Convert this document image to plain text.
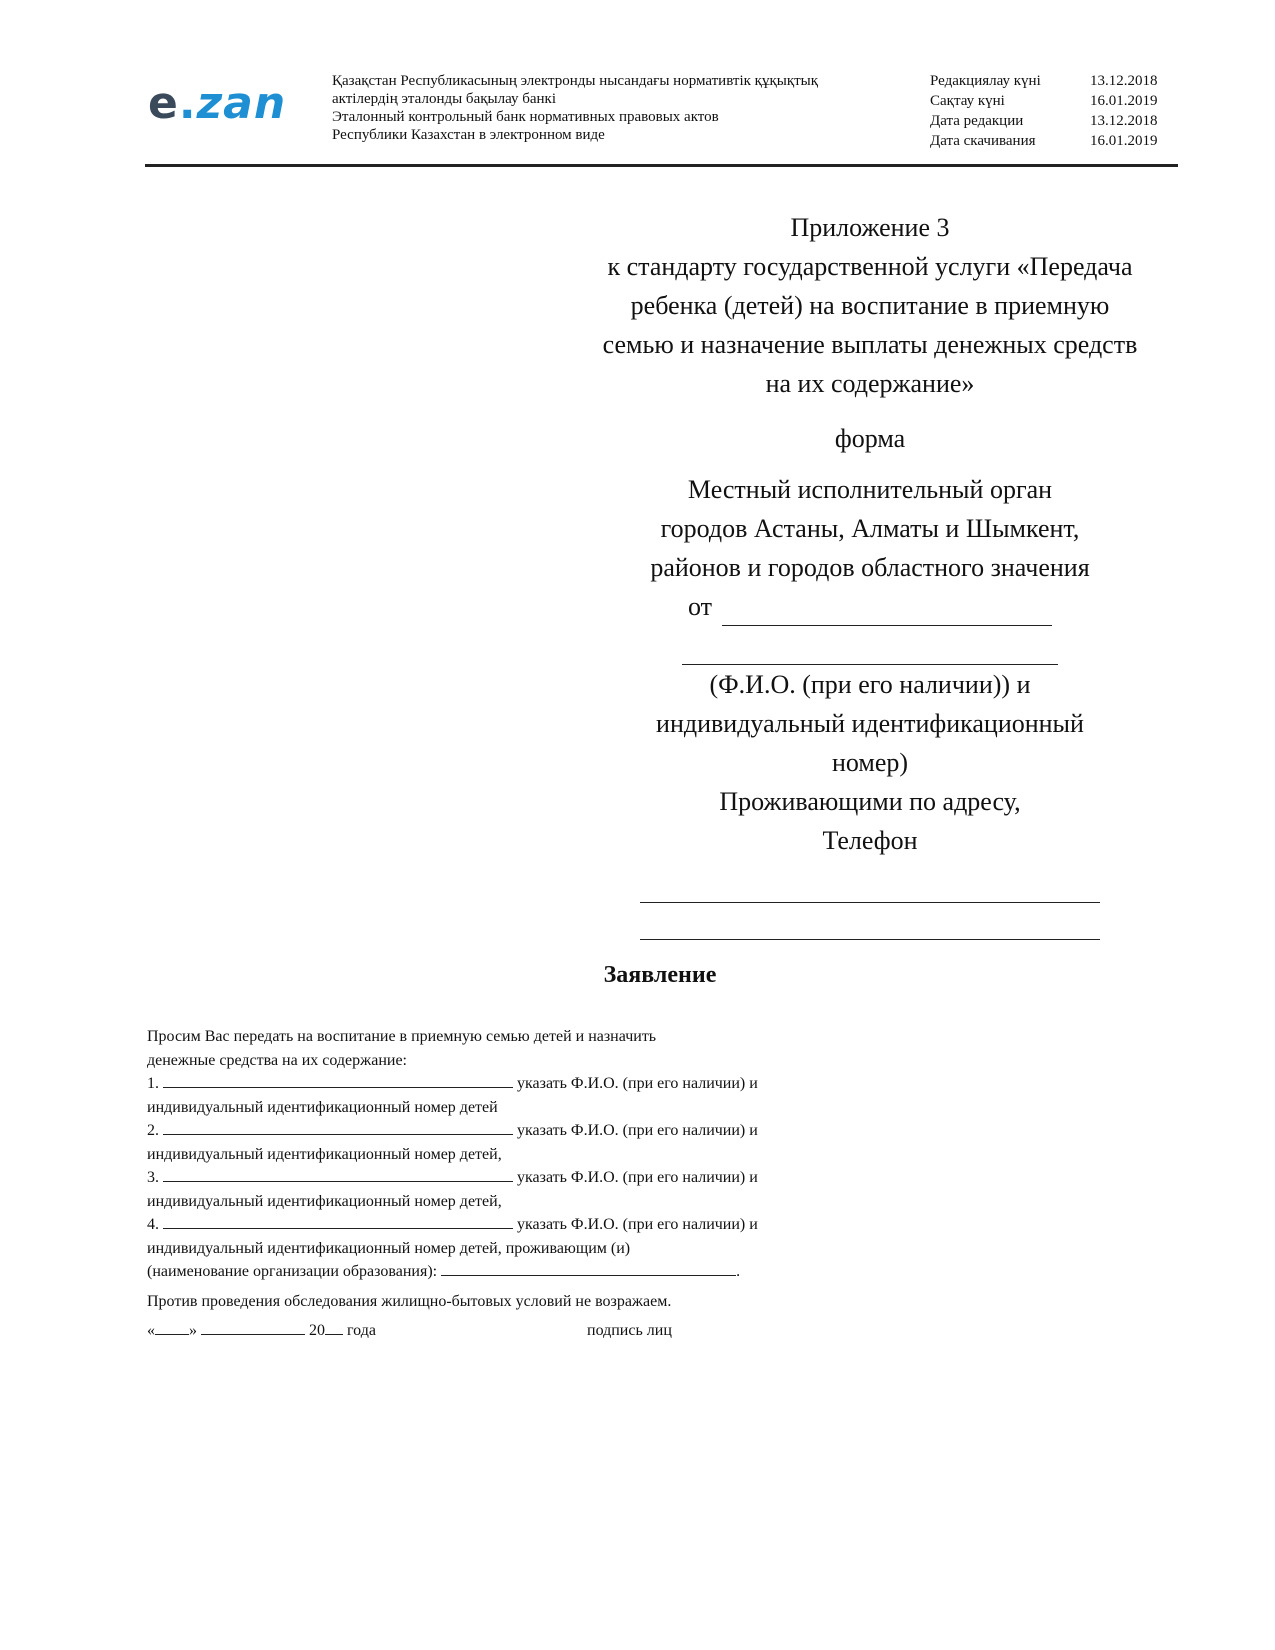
e.zan	Қазақстан Республикасының электронды нысандағы нормативтік құқықтық
актілердің эталонды бақылау банкі
Эталонный контрольный банк нормативных правовых актов
Республики Казахстан в электронном виде
Редакциялау күні	13.12.2018
Сақтау күні	16.01.2019
Дата редакции	13.12.2018
Дата скачивания	16.01.2019
Приложение 3
к стандарту государственной услуги «Передача
ребенка (детей) на воспитание в приемную
семью и назначение выплаты денежных средств
на их содержание»
форма
Местный исполнительный орган
городов Астаны, Алматы и Шымкент,
районов и городов областного значения
от
(Ф.И.О. (при его наличии)) и
индивидуальный идентификационный
номер)
Проживающими по адресу,
Телефон
Заявление
Просим Вас передать на воспитание в приемную семью детей и назначить
денежные средства на их содержание:
1.	указать Ф.И.О. (при его наличии) и
индивидуальный идентификационный номер детей
2.	указать Ф.И.О. (при его наличии) и
индивидуальный идентификационный номер детей,
3.	указать Ф.И.О. (при его наличии) и
индивидуальный идентификационный номер детей,
4.	указать Ф.И.О. (при его наличии) и
индивидуальный идентификационный номер детей, проживающим (и)
(наименование организации образования):	.
Против проведения обследования жилищно-бытовых условий не возражаем.
« »	20 года	подпись лиц
